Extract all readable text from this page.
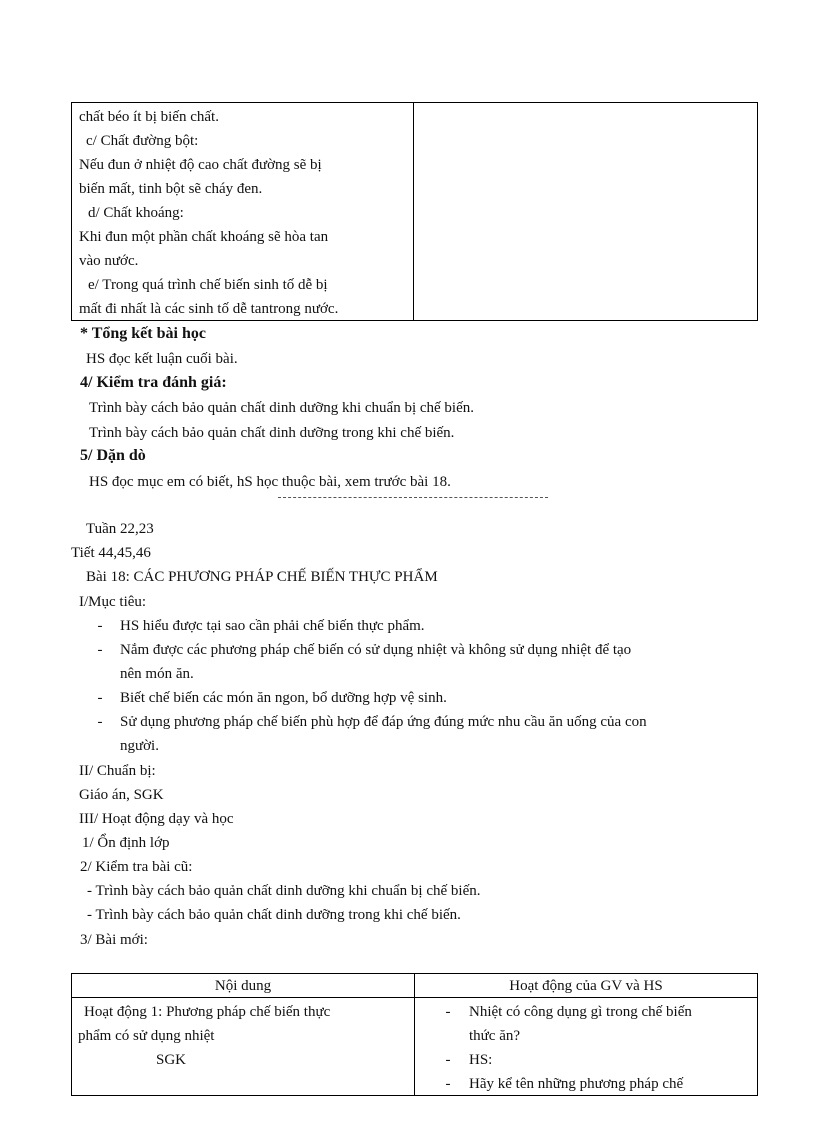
chất béo ít bị biến chất.
c/ Chất đường bột:
Nếu đun ở nhiệt độ cao chất đường sẽ bị
biến mất, tinh bột sẽ cháy đen.
d/ Chất khoáng:
Khi đun một phần chất khoáng sẽ hòa tan
vào nước.
e/ Trong quá trình chế biến sinh tố dễ bị
mất đi nhất là các sinh tố dễ tantrong nước.
* Tổng kết bài học
HS đọc kết luận cuối bài.
4/ Kiểm tra đánh giá:
Trình bày cách bảo quản chất dinh dưỡng khi chuẩn bị chế biến.
Trình bày cách bảo quản chất dinh dưỡng trong khi chế biến.
5/ Dặn dò
HS đọc mục em có biết, hS học thuộc bài, xem trước bài 18.
Tuần 22,23
Tiết 44,45,46
Bài 18: CÁC PHƯƠNG PHÁP CHẾ BIẾN THỰC PHẨM
I/Mục tiêu:
-	HS hiểu được tại sao cần phải chế biến thực phẩm.
-	Nắm được các phương pháp chế biến có sử dụng nhiệt và không sử dụng nhiệt để tạo
nên món ăn.
-	Biết chế biến các món ăn ngon, bổ dưỡng hợp vệ sinh.
-	Sử dụng phương pháp chế biến phù hợp để đáp ứng đúng mức nhu cầu ăn uống của con
người.
II/ Chuẩn bị:
Giáo án, SGK
III/ Hoạt động dạy và học
1/ Ổn định lớp
2/ Kiểm tra bài cũ:
- Trình bày cách bảo quản chất dinh dưỡng khi chuẩn bị chế biến.
- Trình bày cách bảo quản chất dinh dưỡng trong khi chế biến.
3/ Bài mới:
Nội dung	Hoạt động của GV và HS
Hoạt động 1: Phương pháp chế biến thực
phẩm có sử dụng nhiệt
SGK
-	Nhiệt có công dụng gì trong chế biến
thức ăn?
-	HS:
-	Hãy kể tên những phương pháp chế
